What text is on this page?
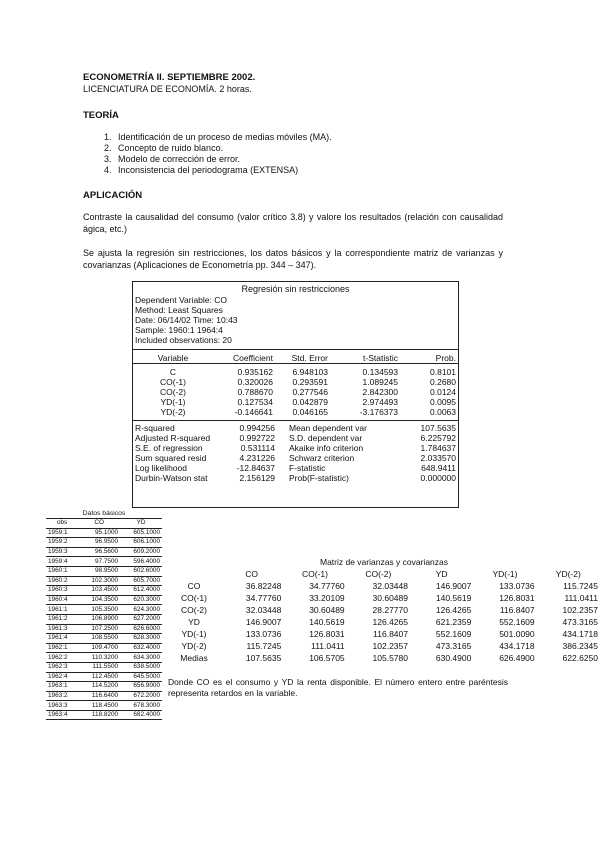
ECONOMETRÍA II. SEPTIEMBRE 2002.
LICENCIATURA DE ECONOMÍA. 2 horas.
TEORÍA
1. Identificación de un proceso de medias móviles (MA).
2. Concepto de ruido blanco.
3. Modelo de corrección de error.
4. Inconsistencia del periodograma (EXTENSA)
APLICACIÓN
Contraste la causalidad del consumo (valor crítico 3.8) y valore los resultados (relación con causalidad ágica, etc.)
Se ajusta la regresión sin restricciones, los datos básicos y la correspondiente matriz de varianzas y covarianzas (Aplicaciones de Econometría pp. 344 – 347).
Regresión sin restricciones
Dependent Variable: CO
Method: Least Squares
Date: 06/14/02 Time: 10:43
Sample: 1960:1 1964:4
Included observations: 20
Variable	Coefficient	Std. Error	t-Statistic	Prob.

C	0.935162	6.948103	0.134593	0.8101
CO(-1)	0.320026	0.293591	1.089245	0.2680
CO(-2)	0.788670	0.277546	2.842300	0.0124
YD(-1)	0.127534	0.042879	2.974493	0.0095
YD(-2)	-0.146641	0.046165	-3.176373	0.0063
R-squared	0.994256	Mean dependent var	107.5635
Adjusted R-squared	0.992722	S.D. dependent var	6.225792
S.E. of regression	0.531114	Akaike info criterion	1.784637
Sum squared resid	4.231226	Schwarz criterion	2.033570
Log likelihood	-12.84637	F-statistic	648.9411
Durbin-Watson stat	2.156129	Prob(F-statistic)	0.000000
Datos básicos
obs	CO	YD
1959:1	95.1000	605.1000
1959:2	96.9500	606.1000
1959:3	96.5600	609.2000
1959:4	97.7500	596.4000
1960:1	98.9500	602.6000
1960:2	102.3000	605.7000
1960:3	103.4500	612.4000
1960:4	104.3500	620.3000
1961:1	105.3500	624.3000
1961:2	106.8900	627.2000
1961:3	107.2500	626.6000
1961:4	108.5500	628.3000
1962:1	109.4700	632.4000
1962:2	110.3200	634.3000
1962:3	111.5500	638.5000
1962:4	112.4500	645.5000
1963:1	114.5200	656.9000
1963:2	116.6400	672.2000
1963:3	118.4500	678.3000
1963:4	118.8200	682.4000
Matriz de varianzas y covarianzas
	CO	CO(-1)	CO(-2)	YD	YD(-1)	YD(-2)
CO	36.82248	34.77760	32.03448	146.9007	133.0736	115.7245
CO(-1)	34.77760	33.20109	30.60489	140.5619	126.8031	111.0411
CO(-2)	32.03448	30.60489	28.27770	126.4265	116.8407	102.2357
YD	146.9007	140.5619	126.4265	621.2359	552.1609	473.3165
YD(-1)	133.0736	126.8031	116.8407	552.1609	501.0090	434.1718
YD(-2)	115.7245	111.0411	102.2357	473.3165	434.1718	386.2345
Medias	107.5635	106.5705	105.5780	630.4900	626.4900	622.6250
Donde CO es el consumo y YD la renta disponible. El número entero entre paréntesis representa retardos en la variable.
